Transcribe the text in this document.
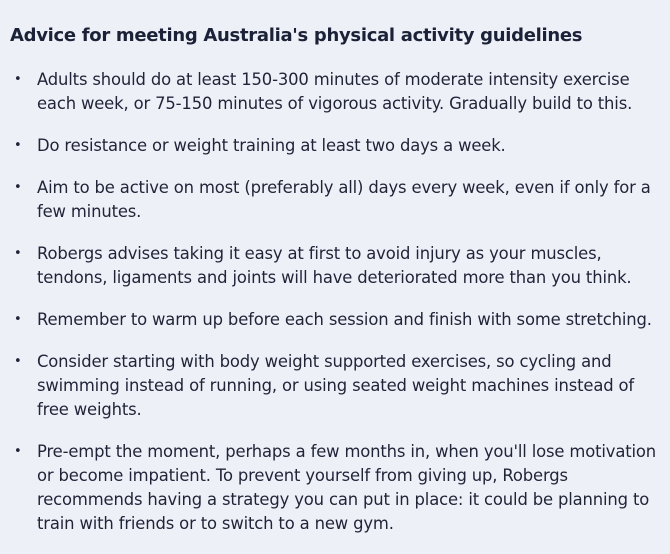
Advice for meeting Australia's physical activity guidelines
• Adults should do at least 150-300 minutes of moderate intensity exercise each week, or 75-150 minutes of vigorous activity. Gradually build to this.
• Do resistance or weight training at least two days a week.
• Aim to be active on most (preferably all) days every week, even if only for a few minutes.
• Robergs advises taking it easy at first to avoid injury as your muscles, tendons, ligaments and joints will have deteriorated more than you think.
• Remember to warm up before each session and finish with some stretching.
• Consider starting with body weight supported exercises, so cycling and swimming instead of running, or using seated weight machines instead of free weights.
• Pre-empt the moment, perhaps a few months in, when you'll lose motivation or become impatient. To prevent yourself from giving up, Robergs recommends having a strategy you can put in place: it could be planning to train with friends or to switch to a new gym.
